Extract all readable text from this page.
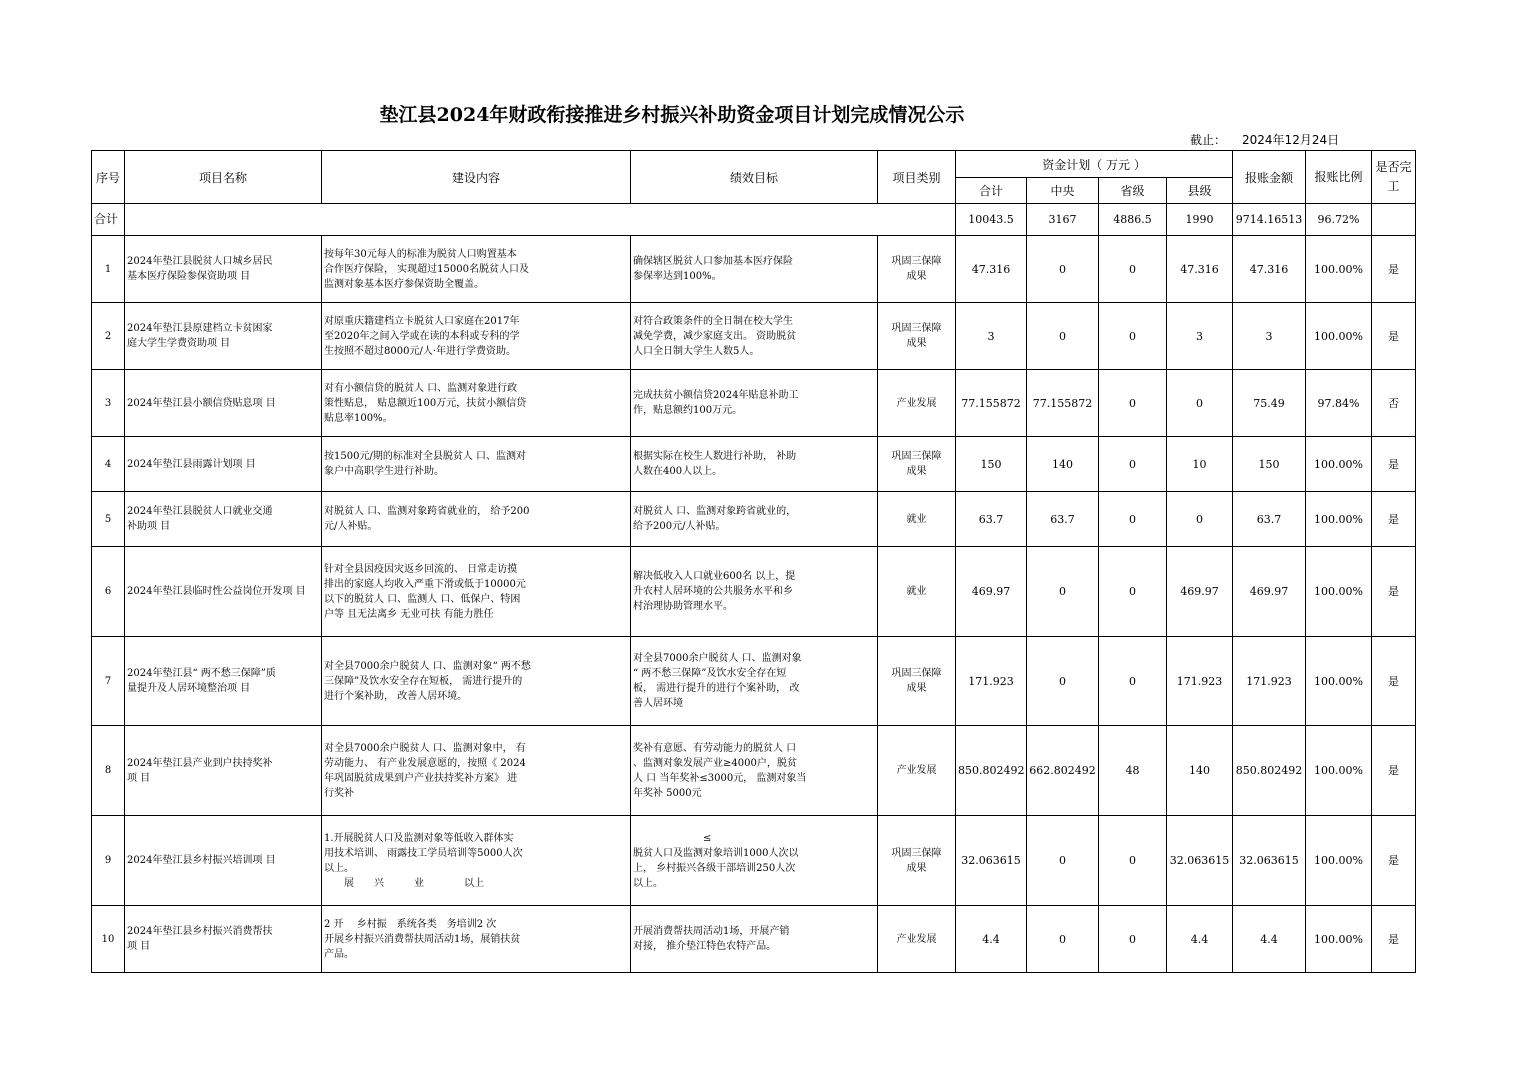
垫江县2024年财政衔接推进乡村振兴补助资金项目计划完成情况公示
截止： 2024年12月24日
序号	项目名称	建设内容	绩效目标	项目类别	资金计划（ 万元 ）				报账金额	报账比例	是否完工
					合计	中央	省级	县级			
合计					10043.5	3167	4886.5	1990	9714.16513	96.72%	
1	2024年垫江县脱贫人口城乡居民
基本医疗保险参保资助项 目	按每年30元每人的标准为脱贫人口购置基本
合作医疗保险， 实现超过15000名脱贫人口及
监测对象基本医疗参保资助全覆盖。	确保辖区脱贫人口参加基本医疗保险
参保率达到100%。	巩固三保障
成果	47.316	0	0	47.316	47.316	100.00%	是
2	2024年垫江县原建档立卡贫困家
庭大学生学费资助项 目	对原重庆籍建档立卡脱贫人口家庭在2017年
至2020年之间入学或在读的本科或专科的学
生按照不超过8000元/人·年进行学费资助。	对符合政策条件的全日制在校大学生
减免学费，减少家庭支出。 资助脱贫
人口全日制大学生人数5人。	巩固三保障
成果	3	0	0	3	3	100.00%	是
3	2024年垫江县小额信贷贴息项 目	对有小额信贷的脱贫人 口、监测对象进行政
策性贴息， 贴息额近100万元，扶贫小额信贷
贴息率100%。	完成扶贫小额信贷2024年贴息补助工
作，贴息额约100万元。	产业发展	77.155872	77.155872	0	0	75.49	97.84%	否
4	2024年垫江县雨露计划项 目	按1500元/期的标准对全县脱贫人 口、监测对
象户中高职学生进行补助。	根据实际在校生人数进行补助， 补助
人数在400人以上。	巩固三保障
成果	150	140	0	10	150	100.00%	是
5	2024年垫江县脱贫人口就业交通
补助项 目	对脱贫人 口、监测对象跨省就业的， 给予200
元/人补贴。	对脱贫人 口、监测对象跨省就业的，
给予200元/人补贴。	就业	63.7	63.7	0	0	63.7	100.00%	是
6	2024年垫江县临时性公益岗位开发项 目	针对全县因疫因灾返乡回流的、 日常走访摸
排出的家庭人均收入严重下滑或低于10000元
以下的脱贫人 口、监测人 口、低保户、特困
户等 且无法离乡 无业可扶 有能力胜任	解决低收入人口就业600名 以上，提
升农村人居环境的公共服务水平和乡
村治理协助管理水平。	就业	469.97	0	0	469.97	469.97	100.00%	是
7	2024年垫江县“ 两不愁三保障”质
量提升及人居环境整治项 目	对全县7000余户脱贫人 口、监测对象“ 两不愁
三保障”及饮水安全存在短板， 需进行提升的
进行个案补助， 改善人居环境。	对全县7000余户脱贫人 口、监测对象
“ 两不愁三保障”及饮水安全存在短
板， 需进行提升的进行个案补助， 改
善人居环境	巩固三保障
成果	171.923	0	0	171.923	171.923	100.00%	是
8	2024年垫江县产业到户扶持奖补
项 目	对全县7000余户脱贫人 口、监测对象中， 有
劳动能力、 有产业发展意愿的，按照《 2024
年巩固脱贫成果到户产业扶持奖补方案》 进
行奖补	奖补有意愿、有劳动能力的脱贫人 口
、监测对象发展产业≥4000户，脱贫
人 口 当年奖补≤3000元， 监测对象当
年奖补 5000元	产业发展	850.802492	662.802492	48	140	850.802492	100.00%	是
9	2024年垫江县乡村振兴培训项 目	1.开展脱贫人口及监测对象等低收入群体实
用技术培训、 雨露技工学员培训等5000人次
以上。
　　展　　兴　　　业　　　　以上	　　　　　　　≤
脱贫人口及监测对象培训1000人次以
上， 乡村振兴各级干部培训250人次
以上。	巩固三保障
成果	32.063615	0	0	32.063615	32.063615	100.00%	是
10	2024年垫江县乡村振兴消费帮扶
项 目	2 开　 乡村振　系统各类　务培训2 次
开展乡村振兴消费帮扶周活动1场，展销扶贫
产品。	开展消费帮扶周活动1场，开展产销
对接， 推介垫江特色农特产品。	产业发展	4.4	0	0	4.4	4.4	100.00%	是
